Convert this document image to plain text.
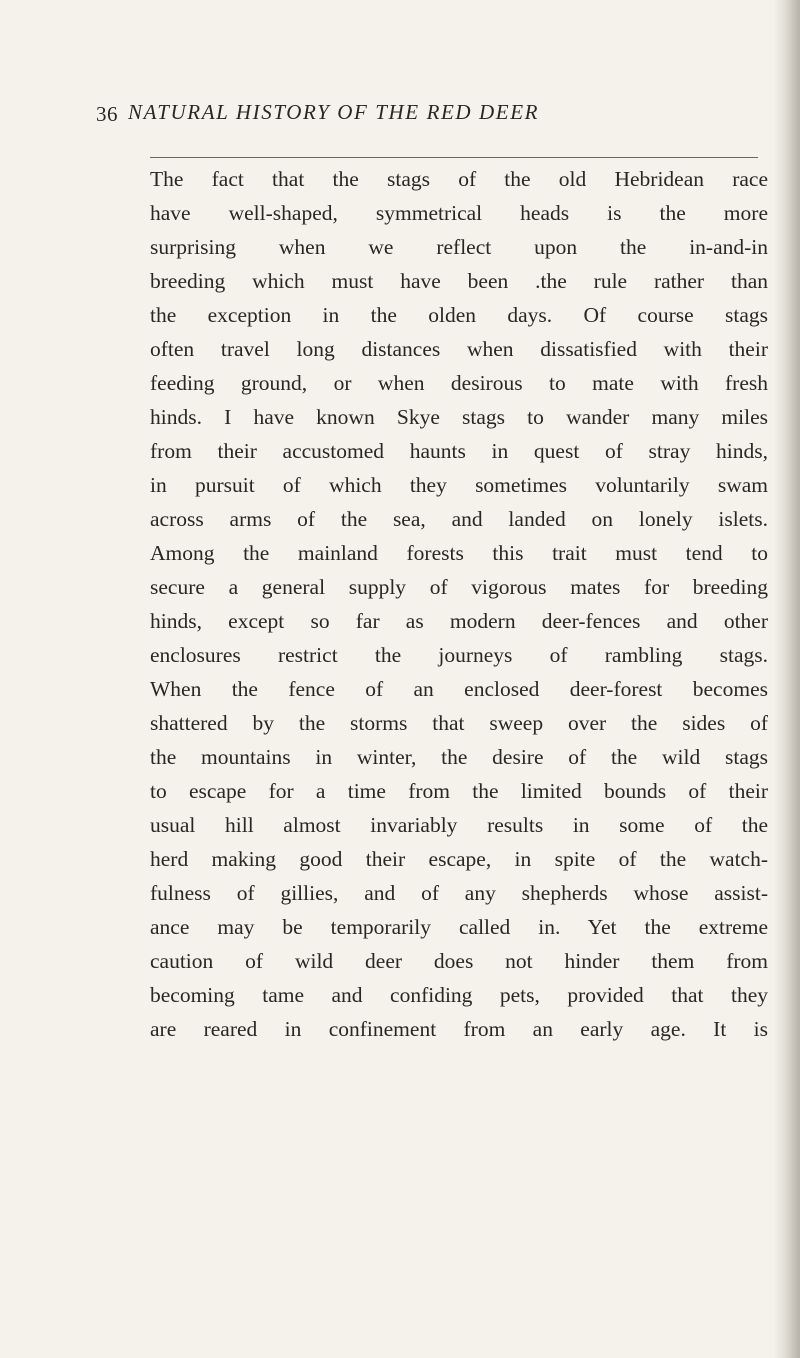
36 NATURAL HISTORY OF THE RED DEER
The fact that the stags of the old Hebridean race
have well-shaped, symmetrical heads is the more
surprising when we reflect upon the in-and-in
breeding which must have been .the rule rather than
the exception in the olden days. Of course stags
often travel long distances when dissatisfied with their
feeding ground, or when desirous to mate with fresh
hinds. I have known Skye stags to wander many miles
from their accustomed haunts in quest of stray hinds,
in pursuit of which they sometimes voluntarily swam
across arms of the sea, and landed on lonely islets.
Among the mainland forests this trait must tend to
secure a general supply of vigorous mates for breeding
hinds, except so far as modern deer-fences and other
enclosures restrict the journeys of rambling stags.
When the fence of an enclosed deer-forest becomes
shattered by the storms that sweep over the sides of
the mountains in winter, the desire of the wild stags
to escape for a time from the limited bounds of their
usual hill almost invariably results in some of the
herd making good their escape, in spite of the watch-
fulness of gillies, and of any shepherds whose assist-
ance may be temporarily called in. Yet the extreme
caution of wild deer does not hinder them from
becoming tame and confiding pets, provided that they
are reared in confinement from an early age. It is
